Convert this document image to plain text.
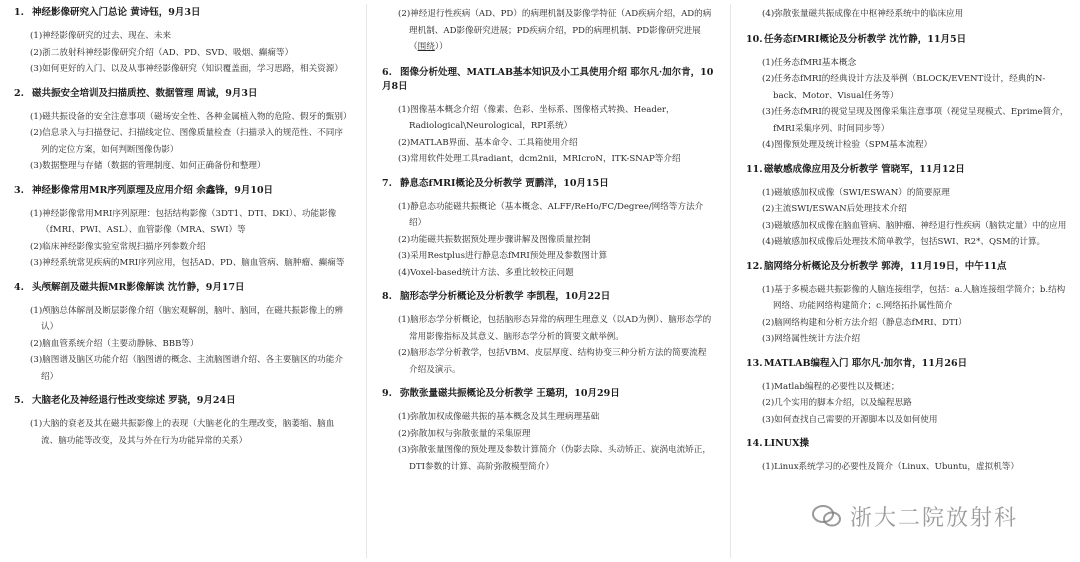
1. 神经影像研究入门总论 黄诗钰，9月3日
(1)神经影像研究的过去、现在、未来
(2)浙二放射科神经影像研究介绍（AD、PD、SVD、吸烟、癫痫等）
(3)如何更好的入门、以及从事神经影像研究（知识覆盖面，学习思路，相关资源）
2. 磁共振安全培训及扫描质控、数据管理 周诚，9月3日
(1)磁共振设备的安全注意事项（磁场安全性、各种金属植入物的危险、假牙的甄别）
(2)信息录入与扫描登记、扫描线定位、图像质量检查（扫描录入的规范性、不同序列的定位方案，如何判断图像伪影）
(3)数据整理与存储（数据的管理制度、如何正确备份和整理）
3. 神经影像常用MR序列原理及应用介绍 余鑫锋，9月10日
(1)神经影像常用MRI序列原理：包括结构影像（3DT1、DTI、DKI）、功能影像（fMRI、PWI、ASL）、血管影像（MRA、SWI）等
(2)临床神经影像实验室常规扫描序列参数介绍
(3)神经系统常见疾病的MRI序列应用，包括AD、PD、脑血管病、脑肿瘤、癫痫等
4. 头颅解剖及磁共振MR影像解读 沈竹静，9月17日
(1)颅脑总体解剖及断层影像介绍（脑宏观解剖，脑叶、脑回，在磁共振影像上的辨认）
(2)脑血管系统介绍（主要动静脉、BBB等）
(3)脑图谱及脑区功能介绍（脑图谱的概念、主流脑图谱介绍、各主要脑区的功能介绍）
5. 大脑老化及神经退行性改变综述 罗骁，9月24日
(1)大脑的衰老及其在磁共振影像上的表现（大脑老化的生理改变，脑萎缩、脑血流、脑功能等改变，及其与外在行为功能异常的关系）
(2)神经退行性疾病（AD、PD）的病理机制及影像学特征（AD疾病介绍，AD的病理机制、AD影像研究进展；PD疾病介绍，PD的病理机制、PD影像研究进展（围绕））
6. 图像分析处理、MATLAB基本知识及小工具使用介绍 耶尔凡·加尔肯，10月8日
(1)图像基本概念介绍（像素、色彩、坐标系、图像格式转换、Header，Radiological\Neurological，RPI系统）
(2)MATLAB界面、基本命令、工具箱使用介绍
(3)常用软件处理工具radiant，dcm2nii，MRIcroN，ITK-SNAP等介绍
7. 静息态fMRI概论及分析教学 贾鹏洋，10月15日
(1)静息态功能磁共振概论（基本概念、ALFF/ReHo/FC/Degree/网络等方法介绍）
(2)功能磁共振数据预处理步骤讲解及图像质量控制
(3)采用Restplus进行静息态fMRI预处理及参数图计算
(4)Voxel-based统计方法、多重比较校正问题
8. 脑形态学分析概论及分析教学 李凯程，10月22日
(1)脑形态学分析概论，包括脑形态异常的病理生理意义（以AD为例）、脑形态学的常用影像指标及其意义、脑形态学分析的简要文献举例。
(2)脑形态学分析教学，包括VBM、皮层厚度、结构协变三种分析方法的简要流程介绍及演示。
9. 弥散张量磁共振概论及分析教学 王璐玥，10月29日
(1)弥散加权成像磁共振的基本概念及其生理病理基础
(2)弥散加权与弥散张量的采集原理
(3)弥散张量图像的预处理及参数计算简介（伪影去除、头动矫正、旋涡电流矫正，DTI参数的计算、高阶弥散模型简介）
(4)弥散张量磁共振成像在中枢神经系统中的临床应用
10.任务态fMRI概论及分析教学 沈竹静，11月5日
(1)任务态fMRI基本概念
(2)任务态fMRI的经典设计方法及举例（BLOCK/EVENT设计，经典的N-back、Motor、Visual任务等）
(3)任务态fMRI的视觉呈现及图像采集注意事项（视觉呈现模式、Eprime简介，fMRI采集序列、时间同步等）
(4)图像预处理及统计检验（SPM基本流程）
11.磁敏感成像应用及分析教学 管晓军，11月12日
(1)磁敏感加权成像（SWI/ESWAN）的简要原理
(2)主流SWI/ESWAN后处理技术介绍
(3)磁敏感加权成像在脑血管病、脑肿瘤、神经退行性疾病（脑铁定量）中的应用
(4)磁敏感加权成像后处理技术简单教学，包括SWI、R2*、QSM的计算。
12.脑网络分析概论及分析教学 郭涛，11月19日，中午11点
(1)基于多模态磁共振影像的人脑连接组学，包括：a.人脑连接组学简介；b.结构网络、功能网络构建简介；c.网络拓扑属性简介
(2)脑网络构建和分析方法介绍（静息态fMRI、DTI）
(3)网络属性统计方法介绍
13.MATLAB编程入门 耶尔凡·加尔肯，11月26日
(1)Matlab编程的必要性以及概述；
(2)几个实用的脚本介绍，以及编程思路
(3)如何查找自己需要的开源脚本以及如何使用
14.LINUX操
(1)Linux系统学习的必要性及简介（Linux、Ubuntu，虚拟机等）
浙大二院放射科
